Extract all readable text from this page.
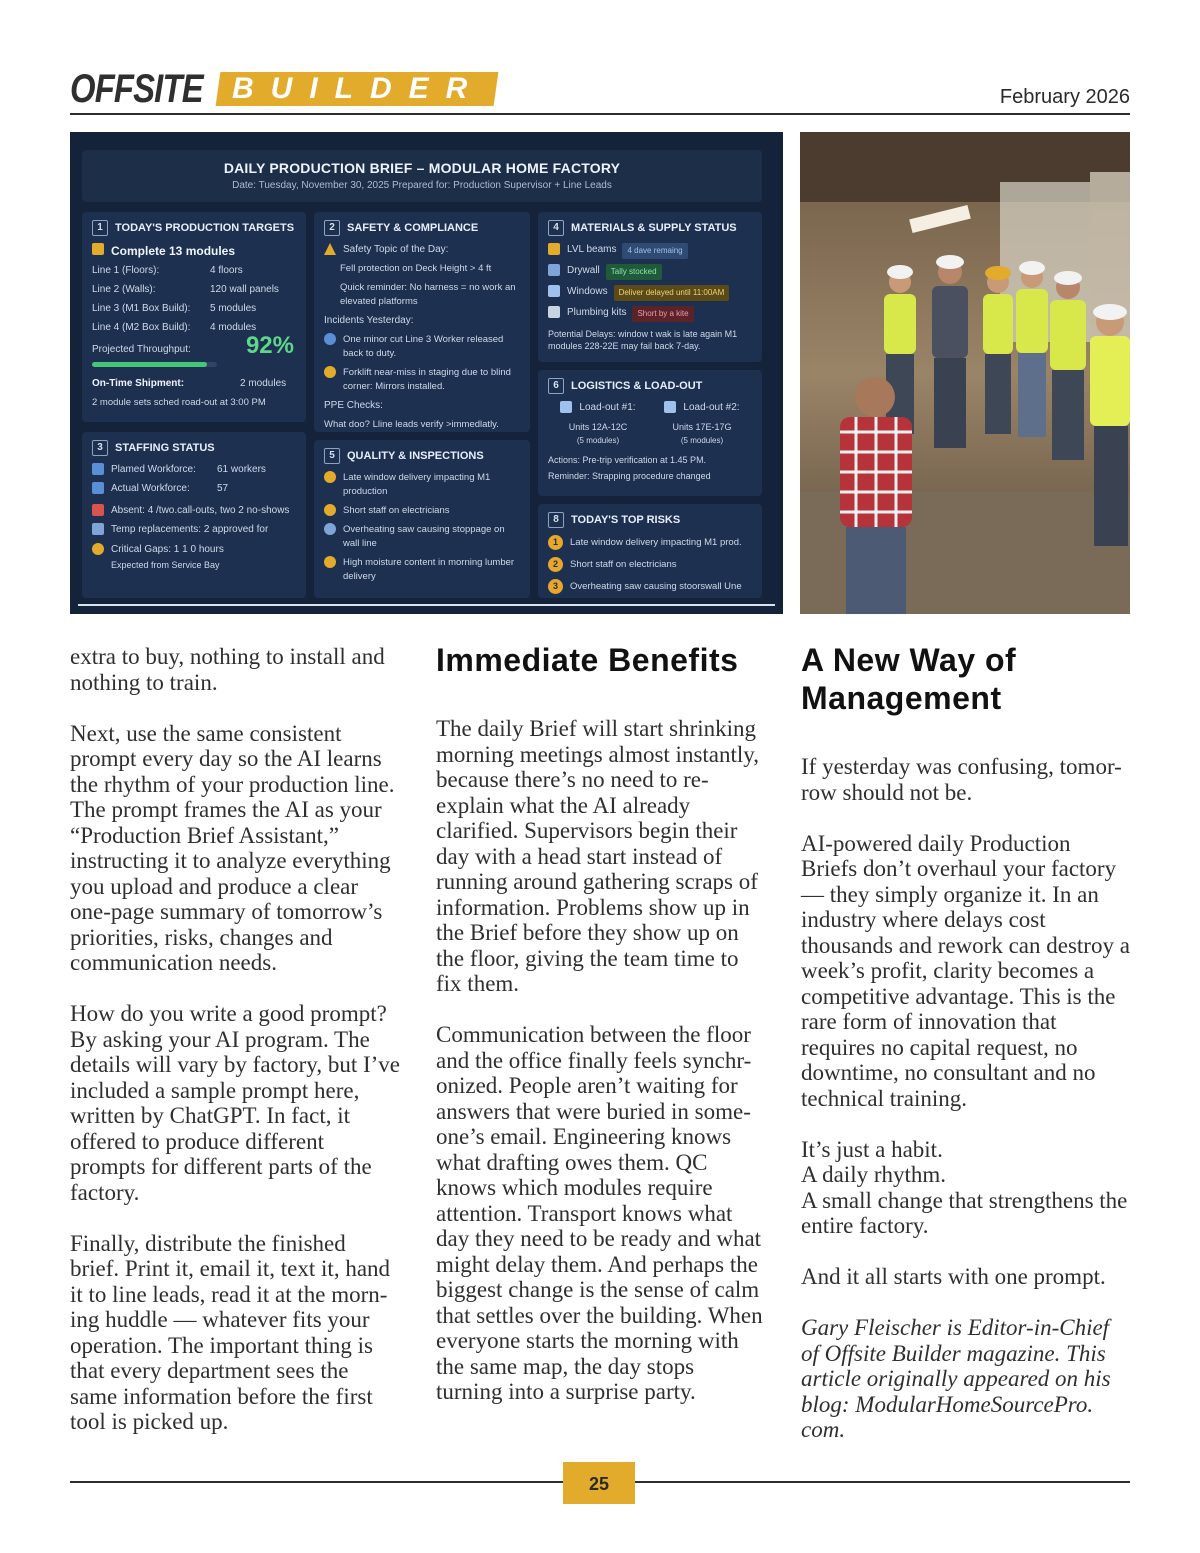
OFFSITE BUILDER	February 2026
DAILY PRODUCTION BRIEF – MODULAR HOME FACTORY
Date: Tuesday, November 30, 2025 Prepared for: Production Supervisor + Line Leads
1	TODAY'S PRODUCTION TARGETS
Complete 13 modules
Line 1 (Floors):	4 floors
Line 2 (Walls):	120 wall panels
Line 3 (M1 Box Build):	5 modules
Line 4 (M2 Box Build):	4 modules
Projected Throughput:	92%
On-Time Shipment:	2 modules
2 module sets sched road-out at 3:00 PM
3	STAFFING STATUS
Plamed Workforce:	61
workers
Actual Workforce:	57
Absent: 4 /two.call-outs, two 2 no-shows
Temp replacements: 2 approved for
Critical Gaps: 1 1 0 hours
Expected from Service Bay
2	SAFETY & COMPLIANCE
Safety Topic of the Day:
Fell protection on Deck Height > 4 ft
Quick reminder: No harness = no work an elevated platforms
Incidents Yesterday:
One minor cut Line 3 Worker released back to duty.
Forklift near-miss in staging due to blind corner: Mirrors installed.
PPE Checks:
What doo? Lline leads verify >immedlatly.
5	QUALITY & INSPECTIONS
Late window delivery impacting M1 production
Short staff on electricians
Overheating saw causing stoppage on wall line
High moisture content in morning lumber delivery
4	MATERIALS & SUPPLY STATUS
LVL beams	4 dave remaing
Drywall	Tally stocked
Windows	Deliver delayed until 11:00AM
Plumbing kits	Short by a kite
Potential Delays: window t wak is late again M1 modules 228-22E may fail back 7-day.
6	LOGISTICS & LOAD-OUT
Load-out #1:
Units 12A-12C
(5 modules)
Load-out #2:
Units 17E-17G
(5 modules)
Actions: Pre-trip verification at 1.45 PM.
Reminder: Strapping procedure changed
8	TODAY'S TOP RISKS
1	Late window delivery impacting M1 prod.
2	Short staff on electricians
3	Overheating saw causing stoorswall Une

extra to buy, nothing to install and nothing to train.

Next, use the same consistent prompt every day so the AI learns the rhythm of your production line. The prompt frames the AI as your “Production Brief Assistant,” instructing it to analyze everything you upload and produce a clear one-page summary of tomorrow’s priorities, risks, changes and communication needs.

How do you write a good prompt? By asking your AI program. The details will vary by factory, but I’ve included a sample prompt here, written by ChatGPT. In fact, it offered to produce different prompts for different parts of the factory.

Finally, distribute the finished brief. Print it, email it, text it, hand it to line leads, read it at the morn-ing huddle — whatever fits your operation. The important thing is that every department sees the same information before the first tool is picked up.

Immediate Benefits

The daily Brief will start shrinking morning meetings almost instantly, because there’s no need to re-explain what the AI already clarified. Supervisors begin their day with a head start instead of running around gathering scraps of information. Problems show up in the Brief before they show up on the floor, giving the team time to fix them.

Communication between the floor and the office finally feels synchr-onized. People aren’t waiting for answers that were buried in some-one’s email. Engineering knows what drafting owes them. QC knows which modules require attention. Transport knows what day they need to be ready and what might delay them. And perhaps the biggest change is the sense of calm that settles over the building. When everyone starts the morning with the same map, the day stops turning into a surprise party.

A New Way of Management

If yesterday was confusing, tomor-row should not be.

AI-powered daily Production Briefs don’t overhaul your factory — they simply organize it. In an industry where delays cost thousands and rework can destroy a week’s profit, clarity becomes a competitive advantage. This is the rare form of innovation that requires no capital request, no downtime, no consultant and no technical training.

It’s just a habit.
A daily rhythm.
A small change that strengthens the entire factory.

And it all starts with one prompt.

Gary Fleischer is Editor-in-Chief of Offsite Builder magazine. This article originally appeared on his blog: ModularHomeSourcePro. com.

25
